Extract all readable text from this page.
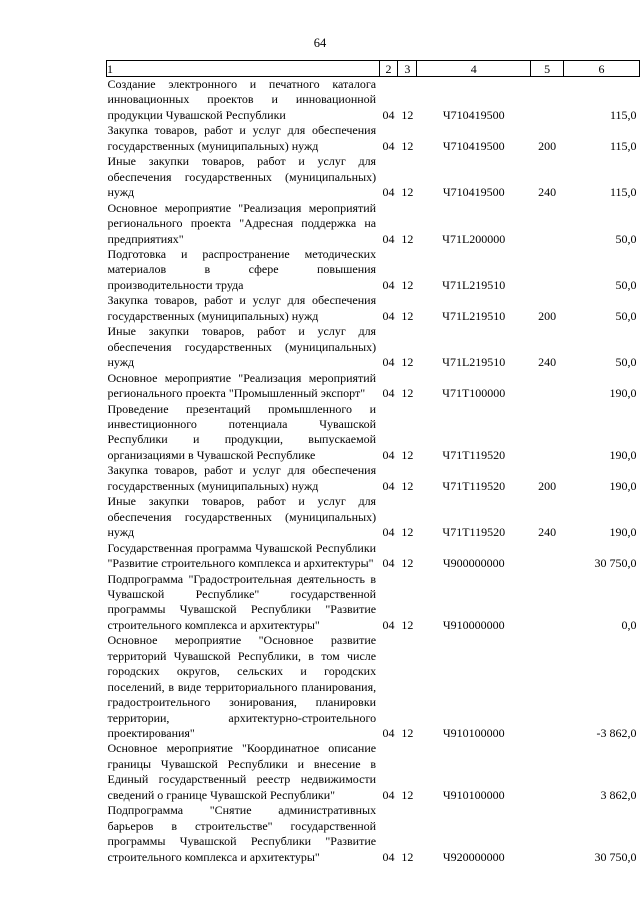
64
1	2	3	4	5	6
Создание электронного и печатного каталога инновационных проектов и инновационной продукции Чувашской Республики	04	12	Ч710419500		115,0
Закупка товаров, работ и услуг для обеспечения государственных (муниципальных) нужд	04	12	Ч710419500	200	115,0
Иные закупки товаров, работ и услуг для обеспечения государственных (муниципальных) нужд	04	12	Ч710419500	240	115,0
Основное мероприятие "Реализация мероприятий регионального проекта "Адресная поддержка на предприятиях"	04	12	Ч71L200000		50,0
Подготовка и распространение методических материалов в сфере повышения производительности труда	04	12	Ч71L219510		50,0
Закупка товаров, работ и услуг для обеспечения государственных (муниципальных) нужд	04	12	Ч71L219510	200	50,0
Иные закупки товаров, работ и услуг для обеспечения государственных (муниципальных) нужд	04	12	Ч71L219510	240	50,0
Основное мероприятие "Реализация мероприятий регионального проекта "Промышленный экспорт"	04	12	Ч71T100000		190,0
Проведение презентаций промышленного и инвестиционного потенциала Чувашской Республики и продукции, выпускаемой организациями в Чувашской Республике	04	12	Ч71T119520		190,0
Закупка товаров, работ и услуг для обеспечения государственных (муниципальных) нужд	04	12	Ч71T119520	200	190,0
Иные закупки товаров, работ и услуг для обеспечения государственных (муниципальных) нужд	04	12	Ч71T119520	240	190,0
Государственная программа Чувашской Республики "Развитие строительного комплекса и архитектуры"	04	12	Ч900000000		30 750,0
Подпрограмма "Градостроительная деятельность в Чувашской Республике" государственной программы Чувашской Республики "Развитие строительного комплекса и архитектуры"	04	12	Ч910000000		0,0
Основное мероприятие "Основное развитие территорий Чувашской Республики, в том числе городских округов, сельских и городских поселений, в виде территориального планирования, градостроительного зонирования, планировки территории, архитектурно-строительного проектирования"	04	12	Ч910100000		-3 862,0
Основное мероприятие "Координатное описание границы Чувашской Республики и внесение в Единый государственный реестр недвижимости сведений о границе Чувашской Республики"	04	12	Ч910100000		3 862,0
Подпрограмма "Снятие административных барьеров в строительстве" государственной программы Чувашской Республики "Развитие строительного комплекса и архитектуры"	04	12	Ч920000000		30 750,0
